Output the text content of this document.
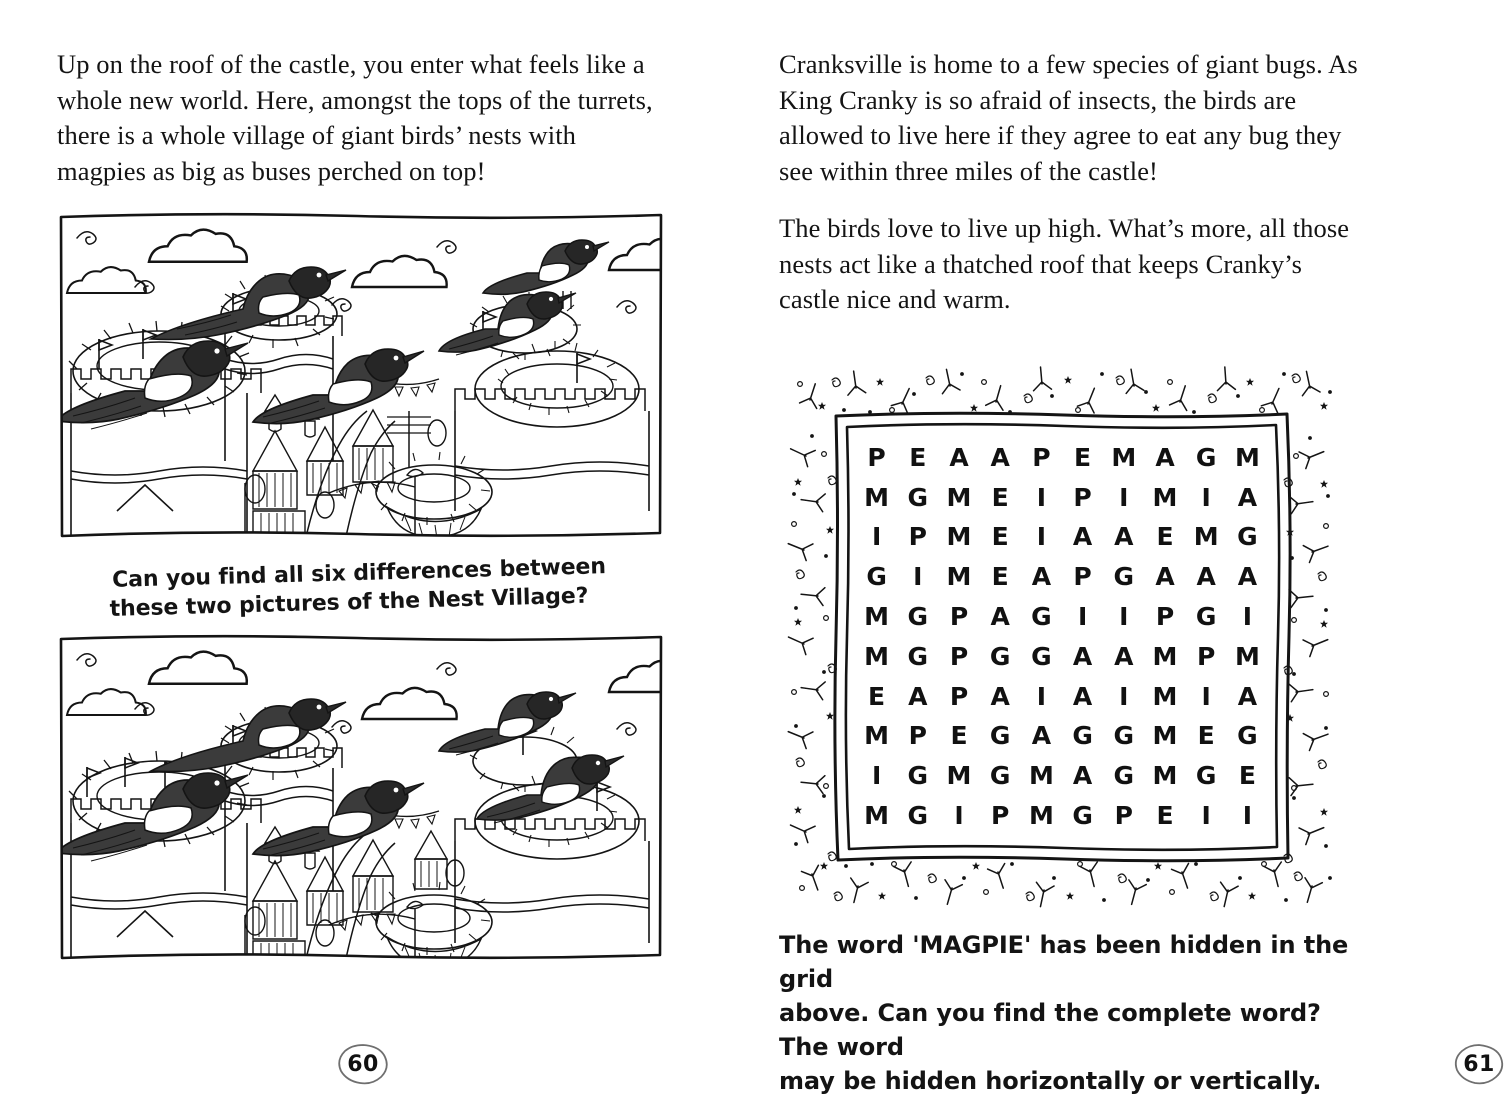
Up on the roof of the castle, you enter what feels like a whole new world. Here, amongst the tops of the turrets, there is a whole village of giant birds’ nests with magpies as big as buses perched on top!

Can you find all six differences between
these two pictures of the Nest Village?
60

Cranksville is home to a few species of giant bugs. As King Cranky is so afraid of insects, the birds are allowed to live here if they agree to eat any bug they see within three miles of the castle!

The birds love to live up high. What’s more, all those nests act like a thatched roof that keeps Cranky’s castle nice and warm.

P E A A P E M A G M
M G M E I P I M I A
I P M E I A A E M G
G I M E A P G A A A
M G P A G I I P G I
M G P G G A A M P M
E A P A I A I M I A
M P E G A G G M E G
I G M G M A G M G E
M G I P M G P E I I
The word 'MAGPIE' has been hidden in the grid
above. Can you find the complete word? The word
may be hidden horizontally or vertically.
61
